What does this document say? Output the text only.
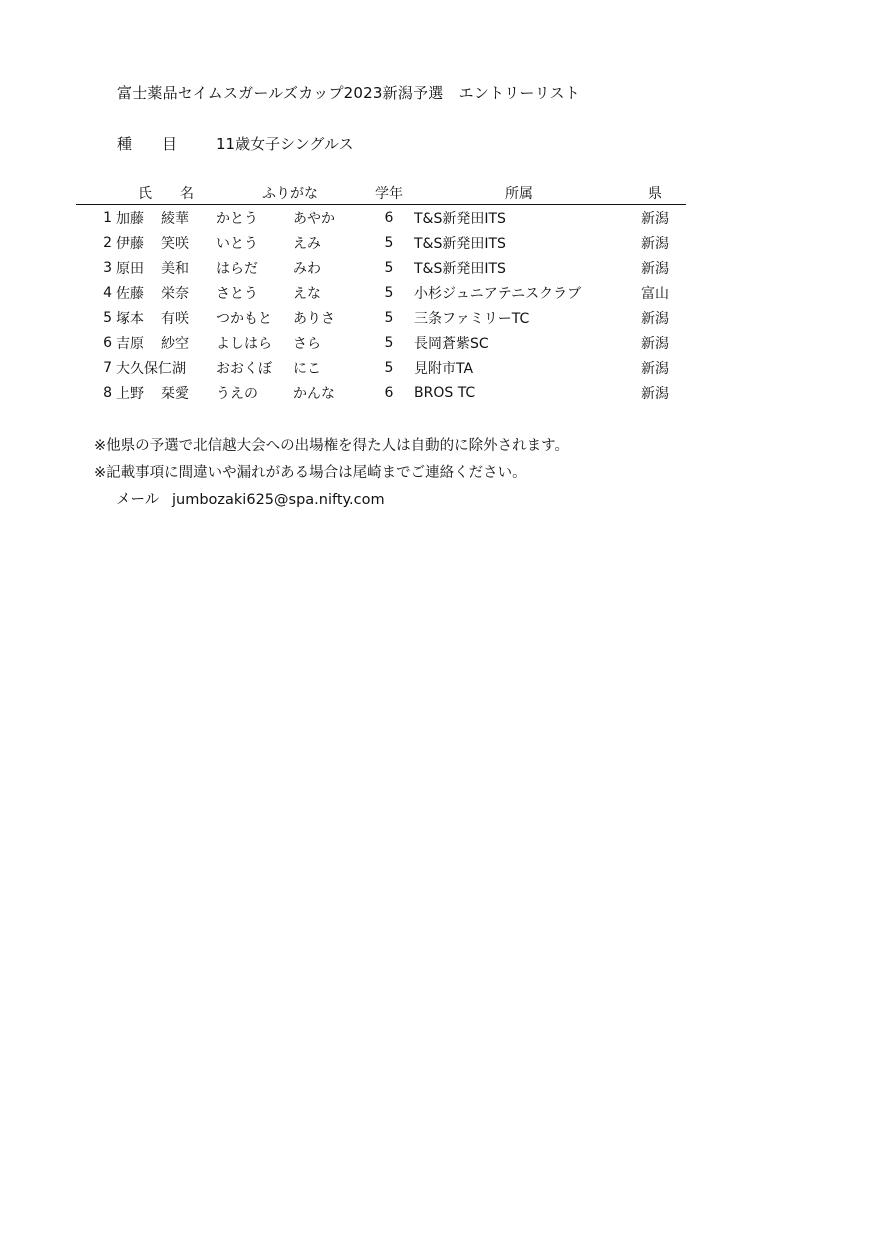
富士薬品セイムスガールズカップ2023新潟予選　エントリーリスト
種 目	11歳女子シングルス
	氏 名	ふりがな	学年	所属	県
1	加藤 綾華	かとう あやか	6	T&S新発田ITS	新潟
2	伊藤 笑咲	いとう えみ	5	T&S新発田ITS	新潟
3	原田 美和	はらだ みわ	5	T&S新発田ITS	新潟
4	佐藤 栄奈	さとう えな	5	小杉ジュニアテニスクラブ	富山
5	塚本 有咲	つかもと ありさ	5	三条ファミリーTC	新潟
6	吉原 紗空	よしはら さら	5	長岡蒼紫SC	新潟
7	大久保仁湖	おおくぼ にこ	5	見附市TA	新潟
8	上野 栞愛	うえの かんな	6	BROS TC	新潟
※他県の予選で北信越大会への出場権を得た人は自動的に除外されます。
※記載事項に間違いや漏れがある場合は尾崎までご連絡ください。
メール jumbozaki625@spa.nifty.com
